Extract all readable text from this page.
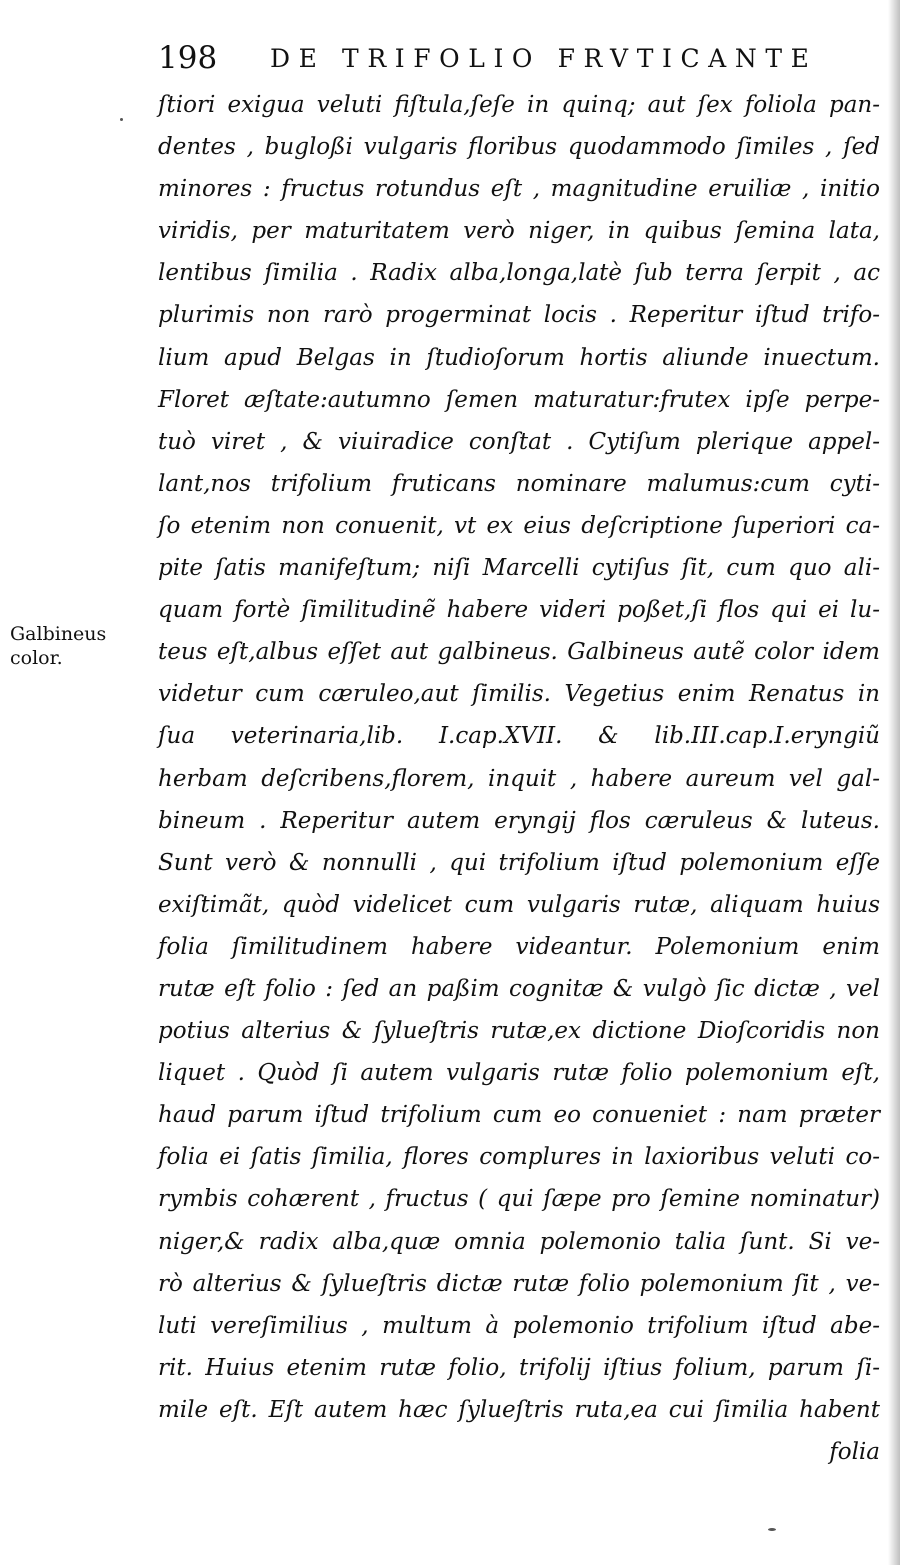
198 DE TRIFOLIO FRVTICANTE
Galbineus
color.
ſtiori exigua veluti fiſtula,ſeſe in quinq; aut ſex foliola pan-
dentes , bugloßi vulgaris floribus quodammodo ſimiles , ſed
minores : fructus rotundus eſt , magnitudine eruiliæ , initio
viridis, per maturitatem verò niger, in quibus ſemina lata,
lentibus ſimilia . Radix alba,longa,latè ſub terra ſerpit , ac
plurimis non rarò progerminat locis . Reperitur iſtud trifo-
lium apud Belgas in ſtudioſorum hortis aliunde inuectum.
Floret æſtate:autumno ſemen maturatur:frutex ipſe perpe-
tuò viret , & viuiradice conſtat . Cytiſum plerique appel-
lant,nos trifolium fruticans nominare malumus:cum cyti-
ſo etenim non conuenit, vt ex eius deſcriptione ſuperiori ca-
pite ſatis manifeſtum; niſi Marcelli cytiſus ſit, cum quo ali-
quam fortè ſimilitudinẽ habere videri poßet,ſi flos qui ei lu-
teus eſt,albus eſſet aut galbineus. Galbineus autẽ color idem
videtur cum cæruleo,aut ſimilis. Vegetius enim Renatus in
ſua veterinaria,lib. I.cap.XVII. & lib.III.cap.I.eryngiũ
herbam deſcribens,florem, inquit , habere aureum vel gal-
bineum . Reperitur autem eryngij flos cæruleus & luteus.
Sunt verò & nonnulli , qui trifolium iſtud polemonium eſſe
exiſtimãt, quòd videlicet cum vulgaris rutæ, aliquam huius
folia ſimilitudinem habere videantur. Polemonium enim
rutæ eſt folio : ſed an paßim cognitæ & vulgò ſic dictæ , vel
potius alterius & ſylueſtris rutæ,ex dictione Dioſcoridis non
liquet . Quòd ſi autem vulgaris rutæ folio polemonium eſt,
haud parum iſtud trifolium cum eo conueniet : nam præter
folia ei ſatis ſimilia, flores complures in laxioribus veluti co-
rymbis cohærent , fructus ( qui ſæpe pro ſemine nominatur)
niger,& radix alba,quæ omnia polemonio talia ſunt. Si ve-
rò alterius & ſylueſtris dictæ rutæ folio polemonium ſit , ve-
luti vereſimilius , multum à polemonio trifolium iſtud abe-
rit. Huius etenim rutæ folio, trifolij iſtius folium, parum ſi-
mile eſt. Eſt autem hæc ſylueſtris ruta,ea cui ſimilia habent
folia
